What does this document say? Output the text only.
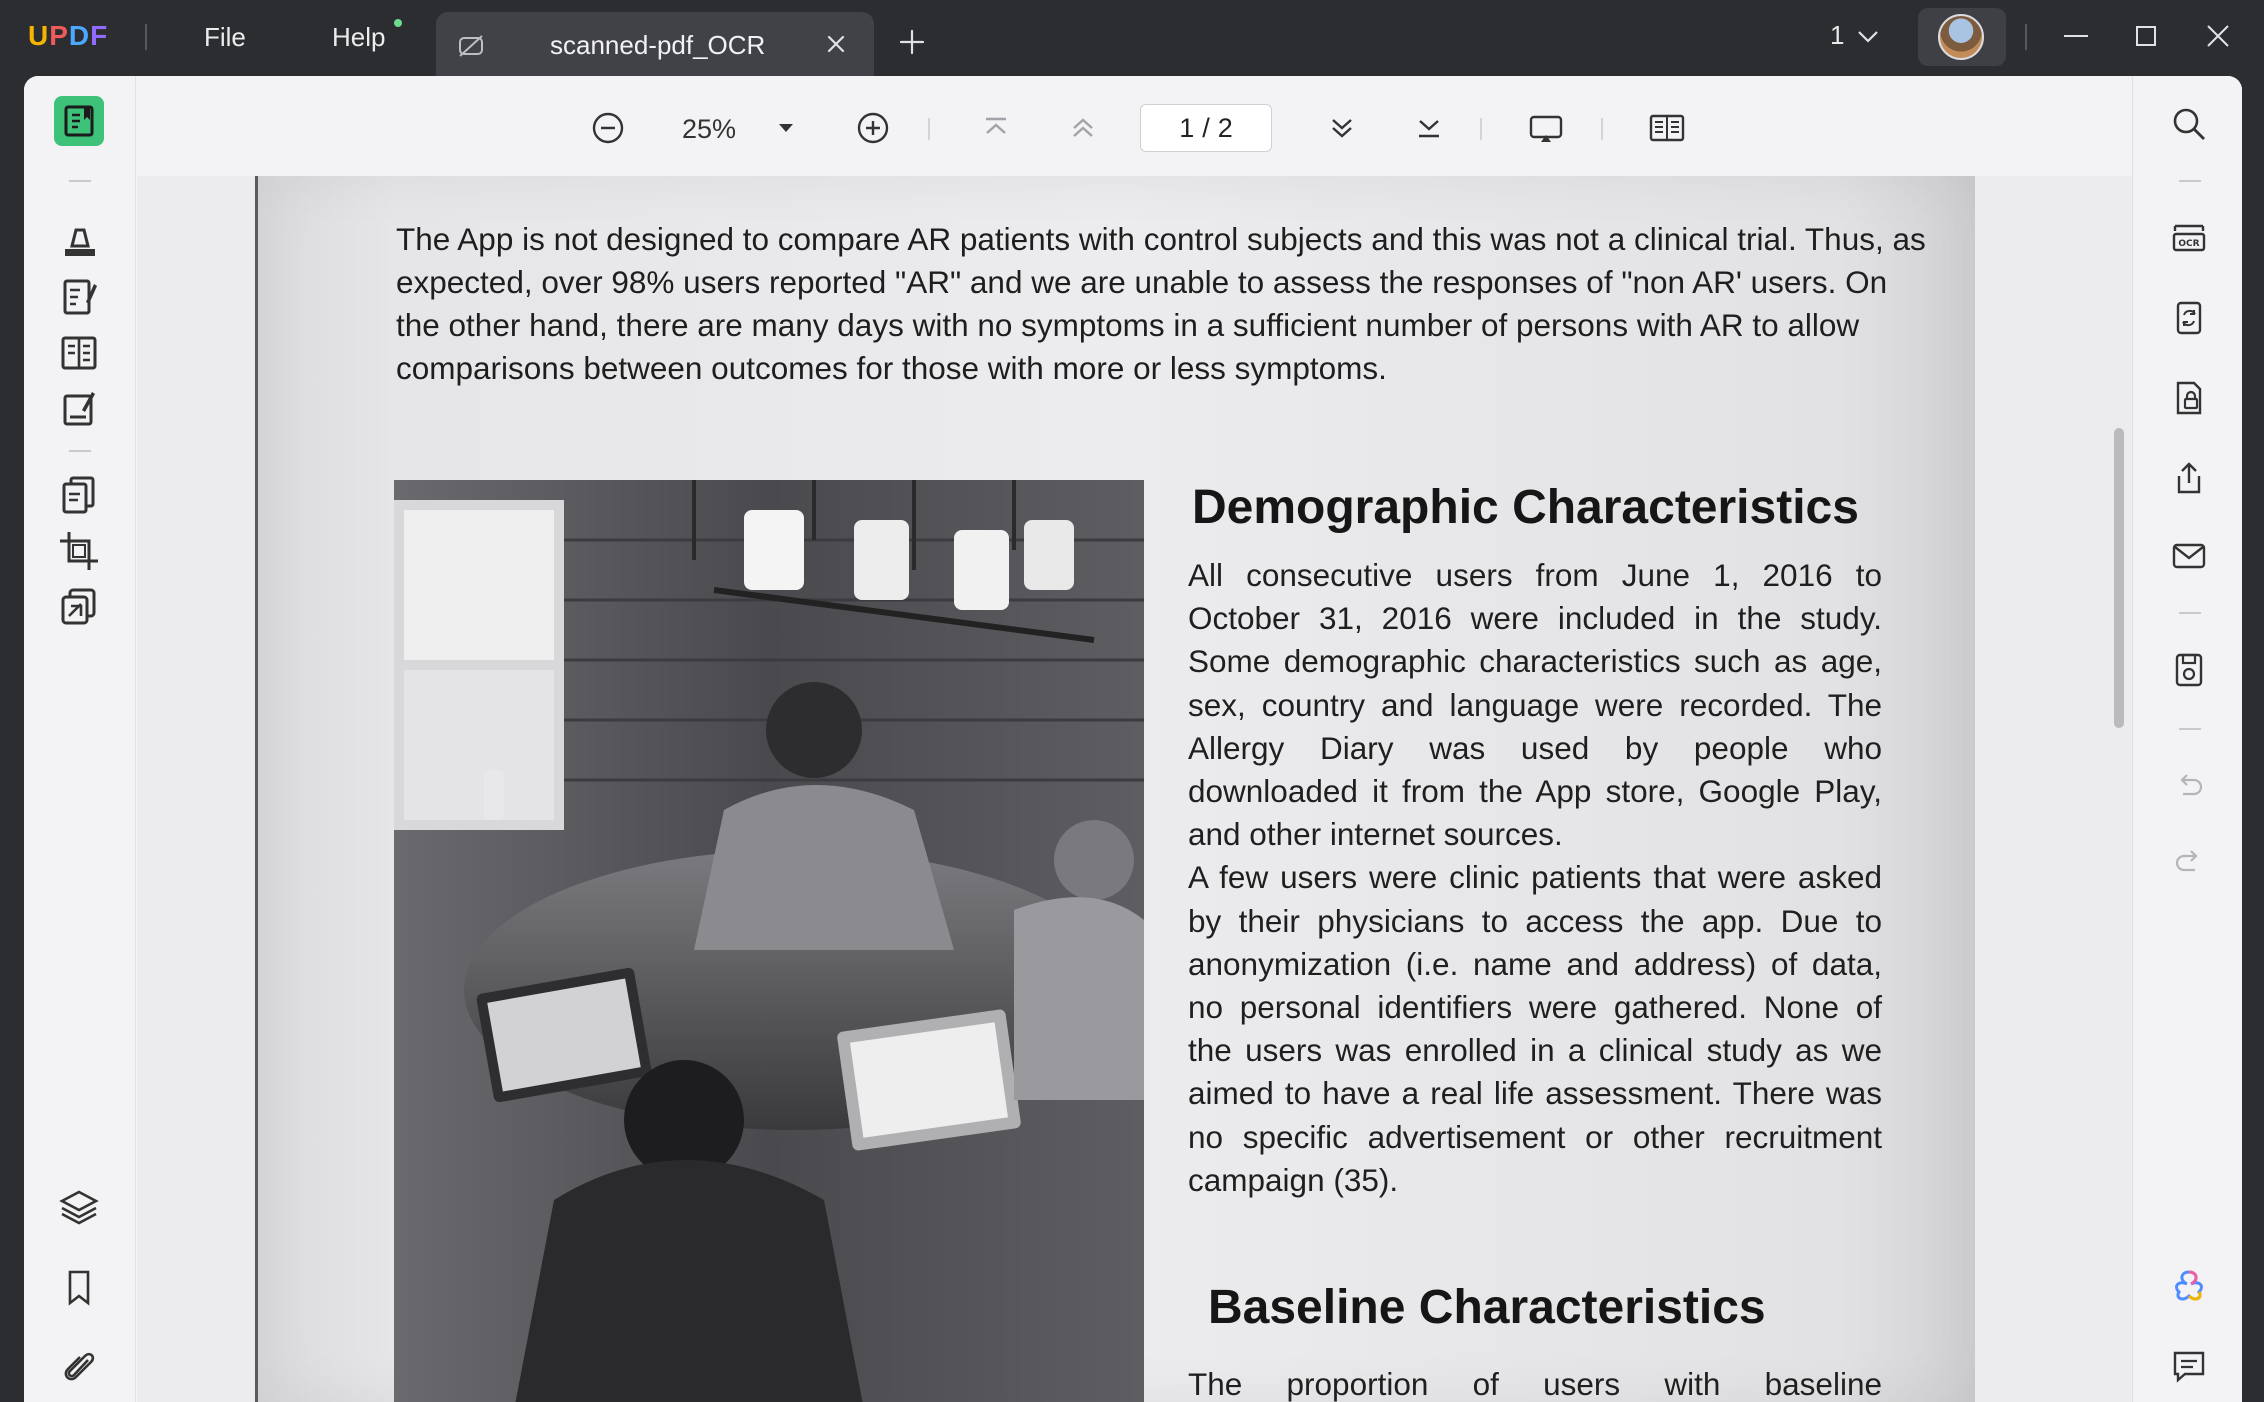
UPDF	File	Help	scanned-pdf_OCR	1
25%	1 / 2
The App is not designed to compare AR patients with control subjects and this was not a clinical trial. Thus, as expected, over 98% users reported "AR" and we are unable to assess the responses of "non AR' users. On the other hand, there are many days with no symptoms in a sufficient number of persons with AR to allow comparisons between outcomes for those with more or less symptoms.
Demographic Characteristics

All consecutive users from June 1, 2016 to October 31, 2016 were included in the study. Some demographic characteristics such as age, sex, country and language were recorded. The Allergy Diary was used by people who downloaded it from the App store, Google Play, and other internet sources.

A few users were clinic patients that were asked by their physicians to access the app. Due to anonymization (i.e. name and address) of data, no personal identifiers were gathered. None of the users was enrolled in a clinical study as we aimed to have a real life assessment. There was no specific advertisement or other recruitment campaign (35).

Baseline Characteristics
The proportion of users with baseline
OCR
